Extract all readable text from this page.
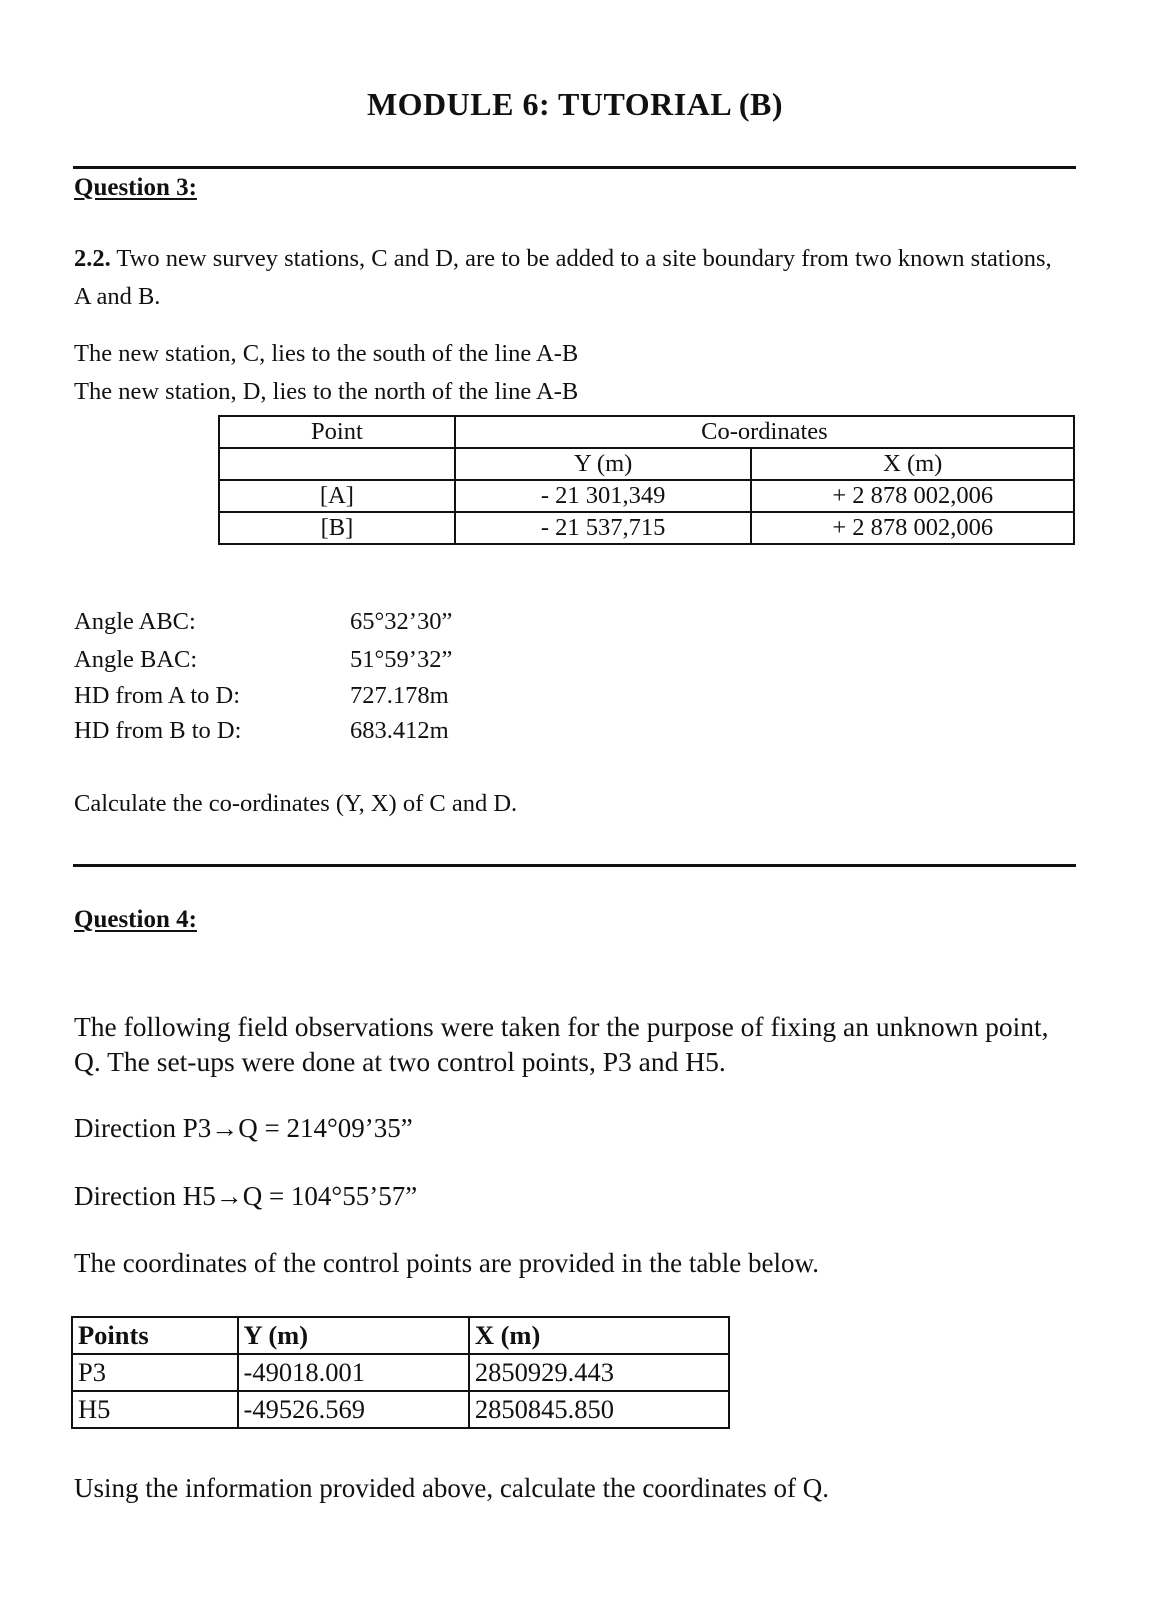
MODULE 6: TUTORIAL (B)
Question 3:
2.2. Two new survey stations, C and D, are to be added to a site boundary from two known stations, A and B.
The new station, C, lies to the south of the line A-B
The new station, D, lies to the north of the line A-B
Point	Co-ordinates	
	Y (m)	X (m)
[A]	- 21 301,349	+ 2 878 002,006
[B]	- 21 537,715	+ 2 878 002,006
Angle ABC:	65°32’30”
Angle BAC:	51°59’32”
HD from A to D:	727.178m
HD from B to D:	683.412m
Calculate the co-ordinates (Y, X) of C and D.
Question 4:
The following field observations were taken for the purpose of fixing an unknown point, Q. The set-ups were done at two control points, P3 and H5.
Direction P3→Q = 214°09’35”
Direction H5→Q = 104°55’57”
The coordinates of the control points are provided in the table below.
Points	Y (m)	X (m)
P3	-49018.001	2850929.443
H5	-49526.569	2850845.850
Using the information provided above, calculate the coordinates of Q.
